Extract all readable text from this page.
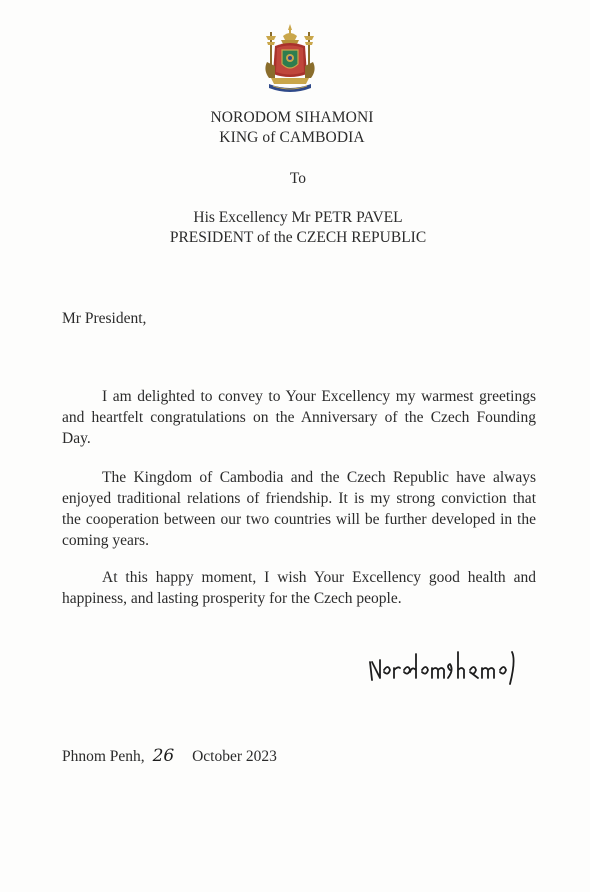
NORODOM SIHAMONI
KING of CAMBODIA
To
His Excellency Mr PETR PAVEL
PRESIDENT of the CZECH REPUBLIC
Mr President,

I am delighted to convey to Your Excellency my warmest greetings and heartfelt congratulations on the Anniversary of the Czech Founding Day.

The Kingdom of Cambodia and the Czech Republic have always enjoyed traditional relations of friendship. It is my strong conviction that the cooperation between our two countries will be further developed in the coming years.

At this happy moment, I wish Your Excellency good health and happiness, and lasting prosperity for the Czech people.

Phnom Penh, 26 October 2023
